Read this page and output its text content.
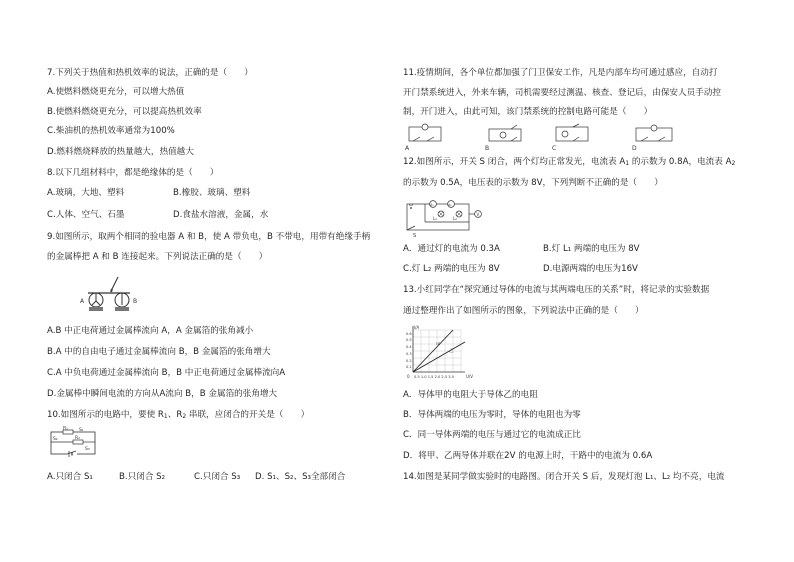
7.下列关于热值和热机效率的说法，正确的是（　　）
A.使燃料燃烧更充分，可以增大热值
B.使燃料燃烧更充分，可以提高热机效率
C.柴油机的热机效率通常为100%
D.燃料燃烧释放的热量越大，热值越大
8.以下几组材料中，都是绝缘体的是（　　）
A.玻璃，大地、塑料	B.橡胶、玻璃、塑料
C.人体、空气、石墨	D.食盐水溶液，金属，水
9.如图所示，取两个相同的验电器 A 和 B，使 A 带负电，B 不带电，用带有绝缘手柄
的金属棒把 A 和 B 连接起来。下列说法正确的是（　　）
A	B
A.B 中正电荷通过金属棒流向 A，A 金属箔的张角减小
B.A 中的自由电子通过金属棒流向 B，B 金属箔的张角增大
C.A 中负电荷通过金属棒流向 B，B 中正电荷通过金属棒流向A
D.金属棒中瞬间电流的方向从A流向 B，B 金属箔的张角增大
10.如图所示的电路中，要使 $R_1$、$R_2$ 串联，应闭合的开关是（　　）
R₁ S₁
R₂
S₂
S₃
A.只闭合 S₁	B.只闭合 S₂	C.只闭合 S₃ D. S₁、S₂、S₃全部闭合
11.疫情期间，各个单位都加强了门卫保安工作，凡是内部车均可通过感应，自动打
开门禁系统进入，外来车辆，司机需要经过测温、核查、登记后，由保安人员手动控
制，开门进入，由此可知，该门禁系统的控制电路可能是（　　）
A	B	C	D
12.如图所示，开关 S 闭合，两个灯均正常发光，电流表 $A_1$ 的示数为 0.8A，电流表 $A_2$
的示数为 0.5A，电压表的示数为 8V，下列判断不正确的是（　　）
A₁	A₂
L₁	L₂
V
S
A．通过灯的电流为 0.3A	B.灯 L₁ 两端的电压为 8V
C.灯 L₂ 两端的电压为 8V	D.电源两端的电压为16V
13.小红同学在“探究通过导体的电流与其两端电压的关系”时，将记录的实验数据
通过整理作出了如图所示的图象，下列说法中正确的是（　　）
甲
乙
I/A
0.6
0.5
0.4
0.3
0.2
0.1
0 0.5 1.0 1.5 2.0 2.5 3.0	U/V
A．导体甲的电阻大于导体乙的电阻
B．导体两端的电压为零时，导体的电阻也为零
C．同一导体两端的电压与通过它的电流成正比
D．将甲、乙两导体并联在2V 的电源上时，干路中的电流为 0.6A
14.如图是某同学做实验时的电路图。闭合开关 S 后，发现灯泡 L₁、L₂ 均不亮，电流
